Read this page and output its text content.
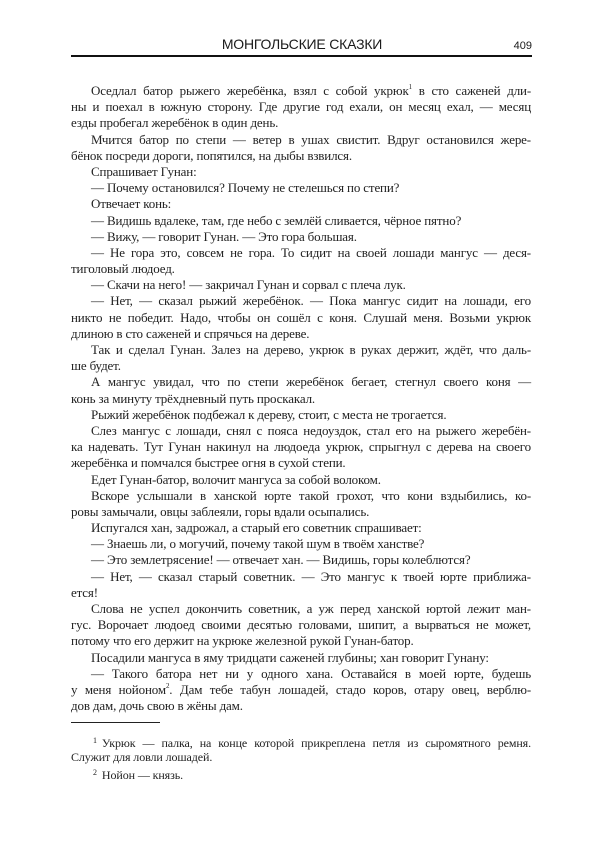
МОНГОЛЬСКИЕ СКАЗКИ	409
Оседлал батор рыжего жеребёнка, взял с собой укрюк$^1$ в сто саженей дли-
ны и поехал в южную сторону. Где другие год ехали, он месяц ехал, — месяц
езды пробегал жеребёнок в один день.
Мчится батор по степи — ветер в ушах свистит. Вдруг остановился жере-
бёнок посреди дороги, попятился, на дыбы взвился.
Спрашивает Гунан:
— Почему остановился? Почему не стелешься по степи?
Отвечает конь:
— Видишь вдалеке, там, где небо с землёй сливается, чёрное пятно?
— Вижу, — говорит Гунан. — Это гора большая.
— Не гора это, совсем не гора. То сидит на своей лошади мангус — деся-
тиголовый людоед.
— Скачи на него! — закричал Гунан и сорвал с плеча лук.
— Нет, — сказал рыжий жеребёнок. — Пока мангус сидит на лошади, его
никто не победит. Надо, чтобы он сошёл с коня. Слушай меня. Возьми укрюк
длиною в сто саженей и спрячься на дереве.
Так и сделал Гунан. Залез на дерево, укрюк в руках держит, ждёт, что даль-
ше будет.
А мангус увидал, что по степи жеребёнок бегает, стегнул своего коня —
конь за минуту трёхдневный путь проскакал.
Рыжий жеребёнок подбежал к дереву, стоит, с места не трогается.
Слез мангус с лошади, снял с пояса недоуздок, стал его на рыжего жеребён-
ка надевать. Тут Гунан накинул на людоеда укрюк, спрыгнул с дерева на своего
жеребёнка и помчался быстрее огня в сухой степи.
Едет Гунан-батор, волочит мангуса за собой волоком.
Вскоре услышали в ханской юрте такой грохот, что кони вздыбились, ко-
ровы замычали, овцы заблеяли, горы вдали осыпались.
Испугался хан, задрожал, а старый его советник спрашивает:
— Знаешь ли, о могучий, почему такой шум в твоём ханстве?
— Это землетрясение! — отвечает хан. — Видишь, горы колеблются?
— Нет, — сказал старый советник. — Это мангус к твоей юрте приближа-
ется!
Слова не успел докончить советник, а уж перед ханской юртой лежит ман-
гус. Ворочает людоед своими десятью головами, шипит, а вырваться не может,
потому что его держит на укрюке железной рукой Гунан-батор.
Посадили мангуса в яму тридцати саженей глубины; хан говорит Гунану:
— Такого батора нет ни у одного хана. Оставайся в моей юрте, будешь
у меня нойоном$^2$. Дам тебе табун лошадей, стадо коров, отару овец, верблю-
дов дам, дочь свою в жёны дам.
$^1$ Укрюк — палка, на конце которой прикреплена петля из сыромятного ремня.
Служит для ловли лошадей.
$^2$ Нойон — князь.
